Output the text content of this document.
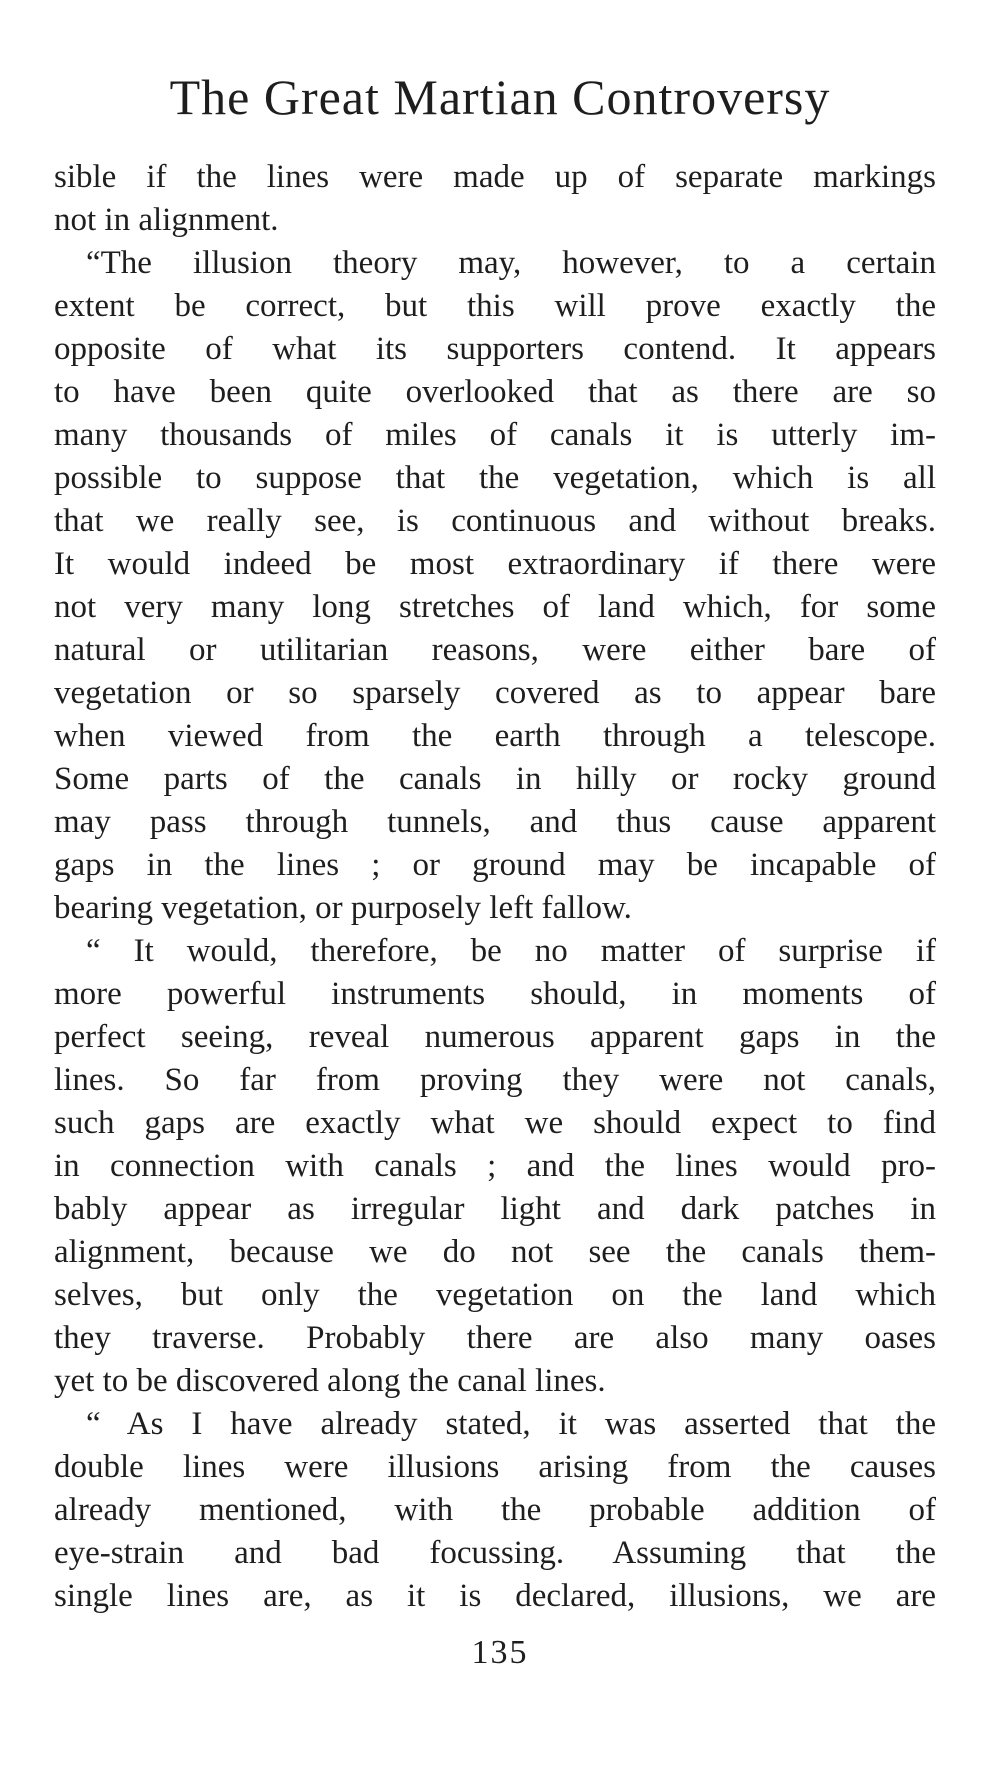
The Great Martian Controversy
sible if the lines were made up of separate markings
not in alignment.
“The illusion theory may, however, to a certain
extent be correct, but this will prove exactly the
opposite of what its supporters contend. It appears
to have been quite overlooked that as there are so
many thousands of miles of canals it is utterly im-
possible to suppose that the vegetation, which is all
that we really see, is continuous and without breaks.
It would indeed be most extraordinary if there were
not very many long stretches of land which, for some
natural or utilitarian reasons, were either bare of
vegetation or so sparsely covered as to appear bare
when viewed from the earth through a telescope.
Some parts of the canals in hilly or rocky ground
may pass through tunnels, and thus cause apparent
gaps in the lines ; or ground may be incapable of
bearing vegetation, or purposely left fallow.
“ It would, therefore, be no matter of surprise if
more powerful instruments should, in moments of
perfect seeing, reveal numerous apparent gaps in the
lines. So far from proving they were not canals,
such gaps are exactly what we should expect to find
in connection with canals ; and the lines would pro-
bably appear as irregular light and dark patches in
alignment, because we do not see the canals them-
selves, but only the vegetation on the land which
they traverse. Probably there are also many oases
yet to be discovered along the canal lines.
“ As I have already stated, it was asserted that the
double lines were illusions arising from the causes
already mentioned, with the probable addition of
eye-strain and bad focussing. Assuming that the
single lines are, as it is declared, illusions, we are
135
